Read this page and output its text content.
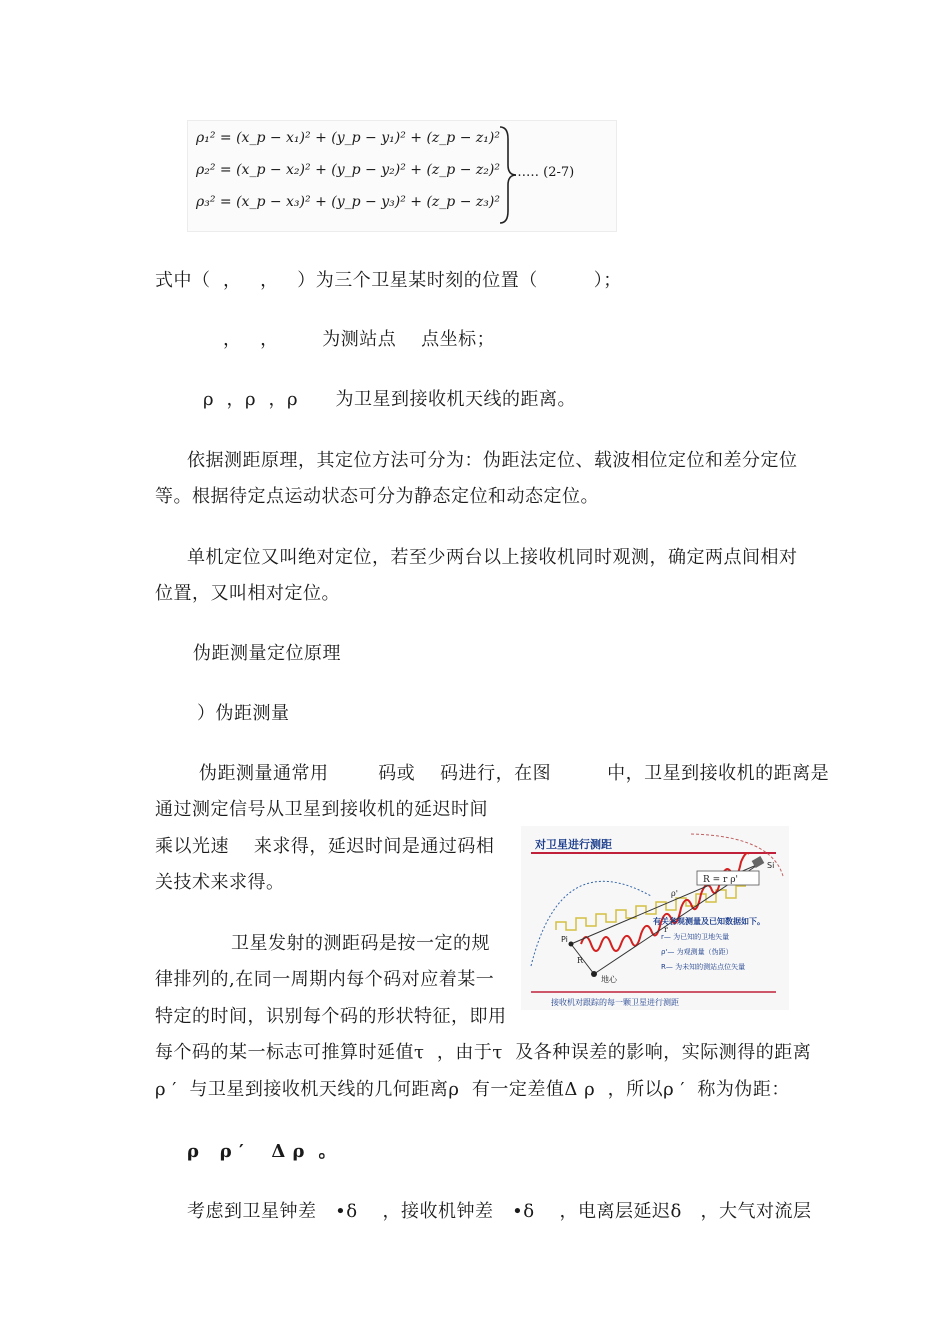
ρ₁² = (x_p − x₁)² + (y_p − y₁)² + (z_p − z₁)²
ρ₂² = (x_p − x₂)² + (y_p − y₂)² + (z_p − z₂)²
ρ₃² = (x_p − x₃)² + (y_p − y₃)² + (z_p − z₃)²
…… (2-7)
式中（  ，   ，   ）为三个卫星某时刻的位置（         ）；
，   ，       为测站点    点坐标；
ρ  ，ρ  ，ρ      为卫星到接收机天线的距离。
依据测距原理，其定位方法可分为：伪距法定位、载波相位定位和差分定位
等。根据待定点运动状态可分为静态定位和动态定位。
单机定位又叫绝对定位，若至少两台以上接收机同时观测，确定两点间相对
位置，又叫相对定位。
伪距测量定位原理
）伪距测量
伪距测量通常用        码或    码进行，在图         中，卫星到接收机的距离是
通过测定信号从卫星到接收机的延迟时间
乘以光速    来求得，延迟时间是通过码相
关技术来求得。
卫星发射的测距码是按一定的规
律排列的,在同一周期内每个码对应着某一
特定的时间，识别每个码的形状特征，即用
每个码的某一标志可推算时延值τ  ，由于τ  及各种误差的影响，实际测得的距离
ρ ′  与卫星到接收机天线的几何距离ρ  有一定差值Δ ρ  ，所以ρ ′  称为伪距：
ρ   ρ ′    Δ ρ  。
考虑到卫星钟差   •δ    ，接收机钟差   •δ    ，电离层延迟δ   ，大气对流层
对卫星进行测距
Si
Pi
地心
ρ'
r
R
R = r ρ'
有关各观测量及已知数据如下。
r— 为已知的卫地矢量
ρ'— 为观测量（伪距）
R— 为未知的测站点位矢量
接收机对跟踪的每一颗卫星进行测距
